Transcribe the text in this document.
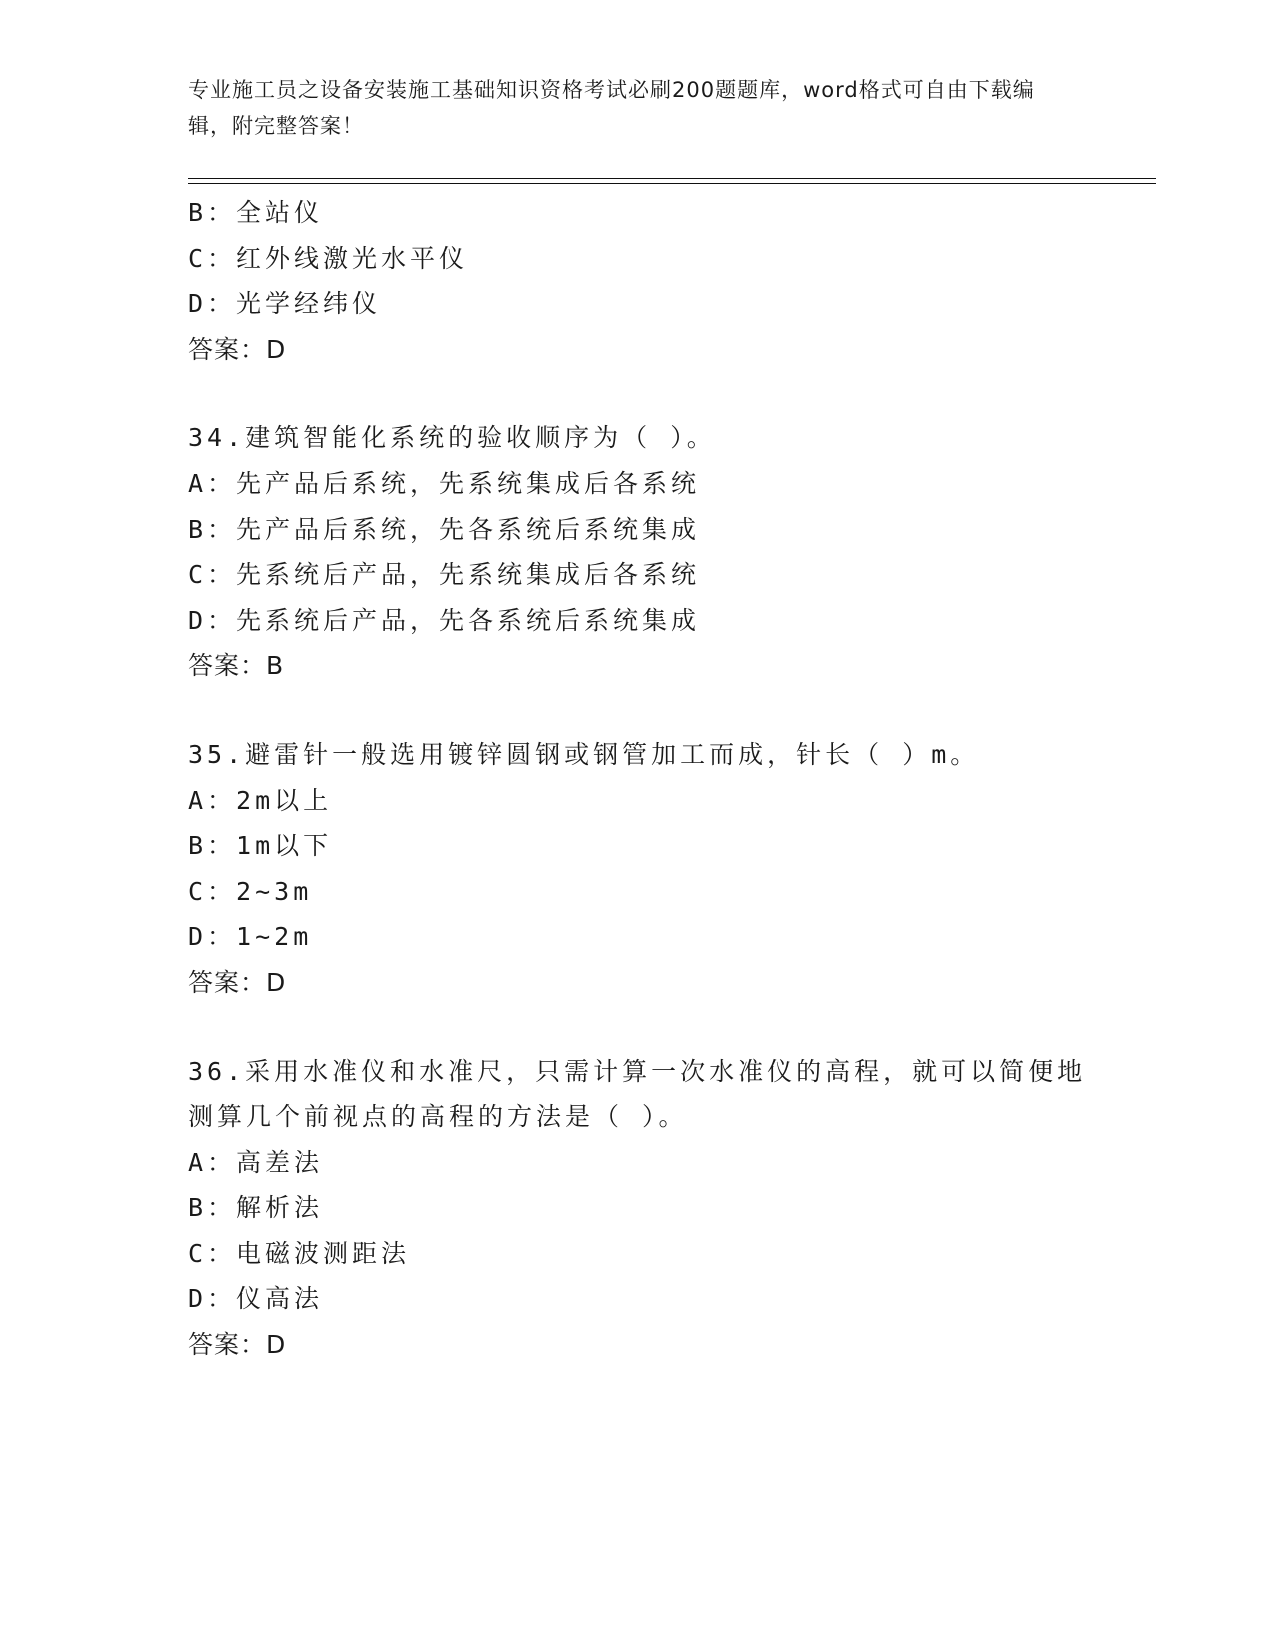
专业施工员之设备安装施工基础知识资格考试必刷200题题库，word格式可自由下载编辑，附完整答案！

B：全站仪

C：红外线激光水平仪

D：光学经纬仪

答案：D

34.建筑智能化系统的验收顺序为（ ）。

A：先产品后系统，先系统集成后各系统

B：先产品后系统，先各系统后系统集成

C：先系统后产品，先系统集成后各系统

D：先系统后产品，先各系统后系统集成

答案：B

35.避雷针一般选用镀锌圆钢或钢管加工而成，针长（ ）m。

A：2m以上

B：1m以下

C：2~3m

D：1~2m

答案：D

36.采用水准仪和水准尺，只需计算一次水准仪的高程，就可以简便地

测算几个前视点的高程的方法是（ ）。

A：高差法

B：解析法

C：电磁波测距法

D：仪高法

答案：D
